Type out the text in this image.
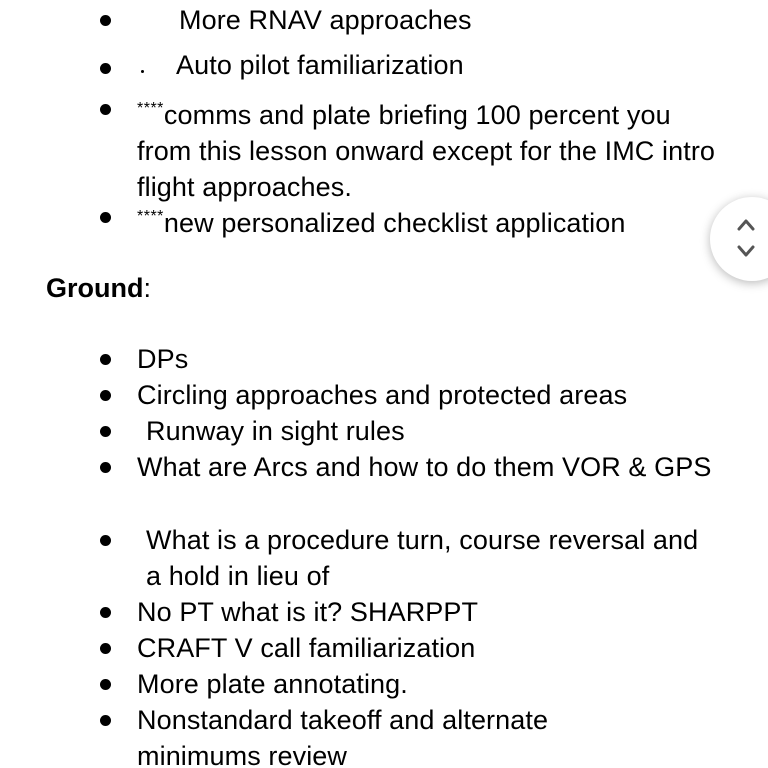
More RNAV approaches
Auto pilot familiarization
****comms and plate briefing 100 percent you from this lesson onward except for the IMC intro flight approaches.
****new personalized checklist application
Ground:
DPs
Circling approaches and protected areas
Runway in sight rules
What are Arcs and how to do them VOR & GPS
What is a procedure turn, course reversal and a hold in lieu of
No PT what is it? SHARPPT
CRAFT V call familiarization
More plate annotating.
Nonstandard takeoff and alternate minimums review
